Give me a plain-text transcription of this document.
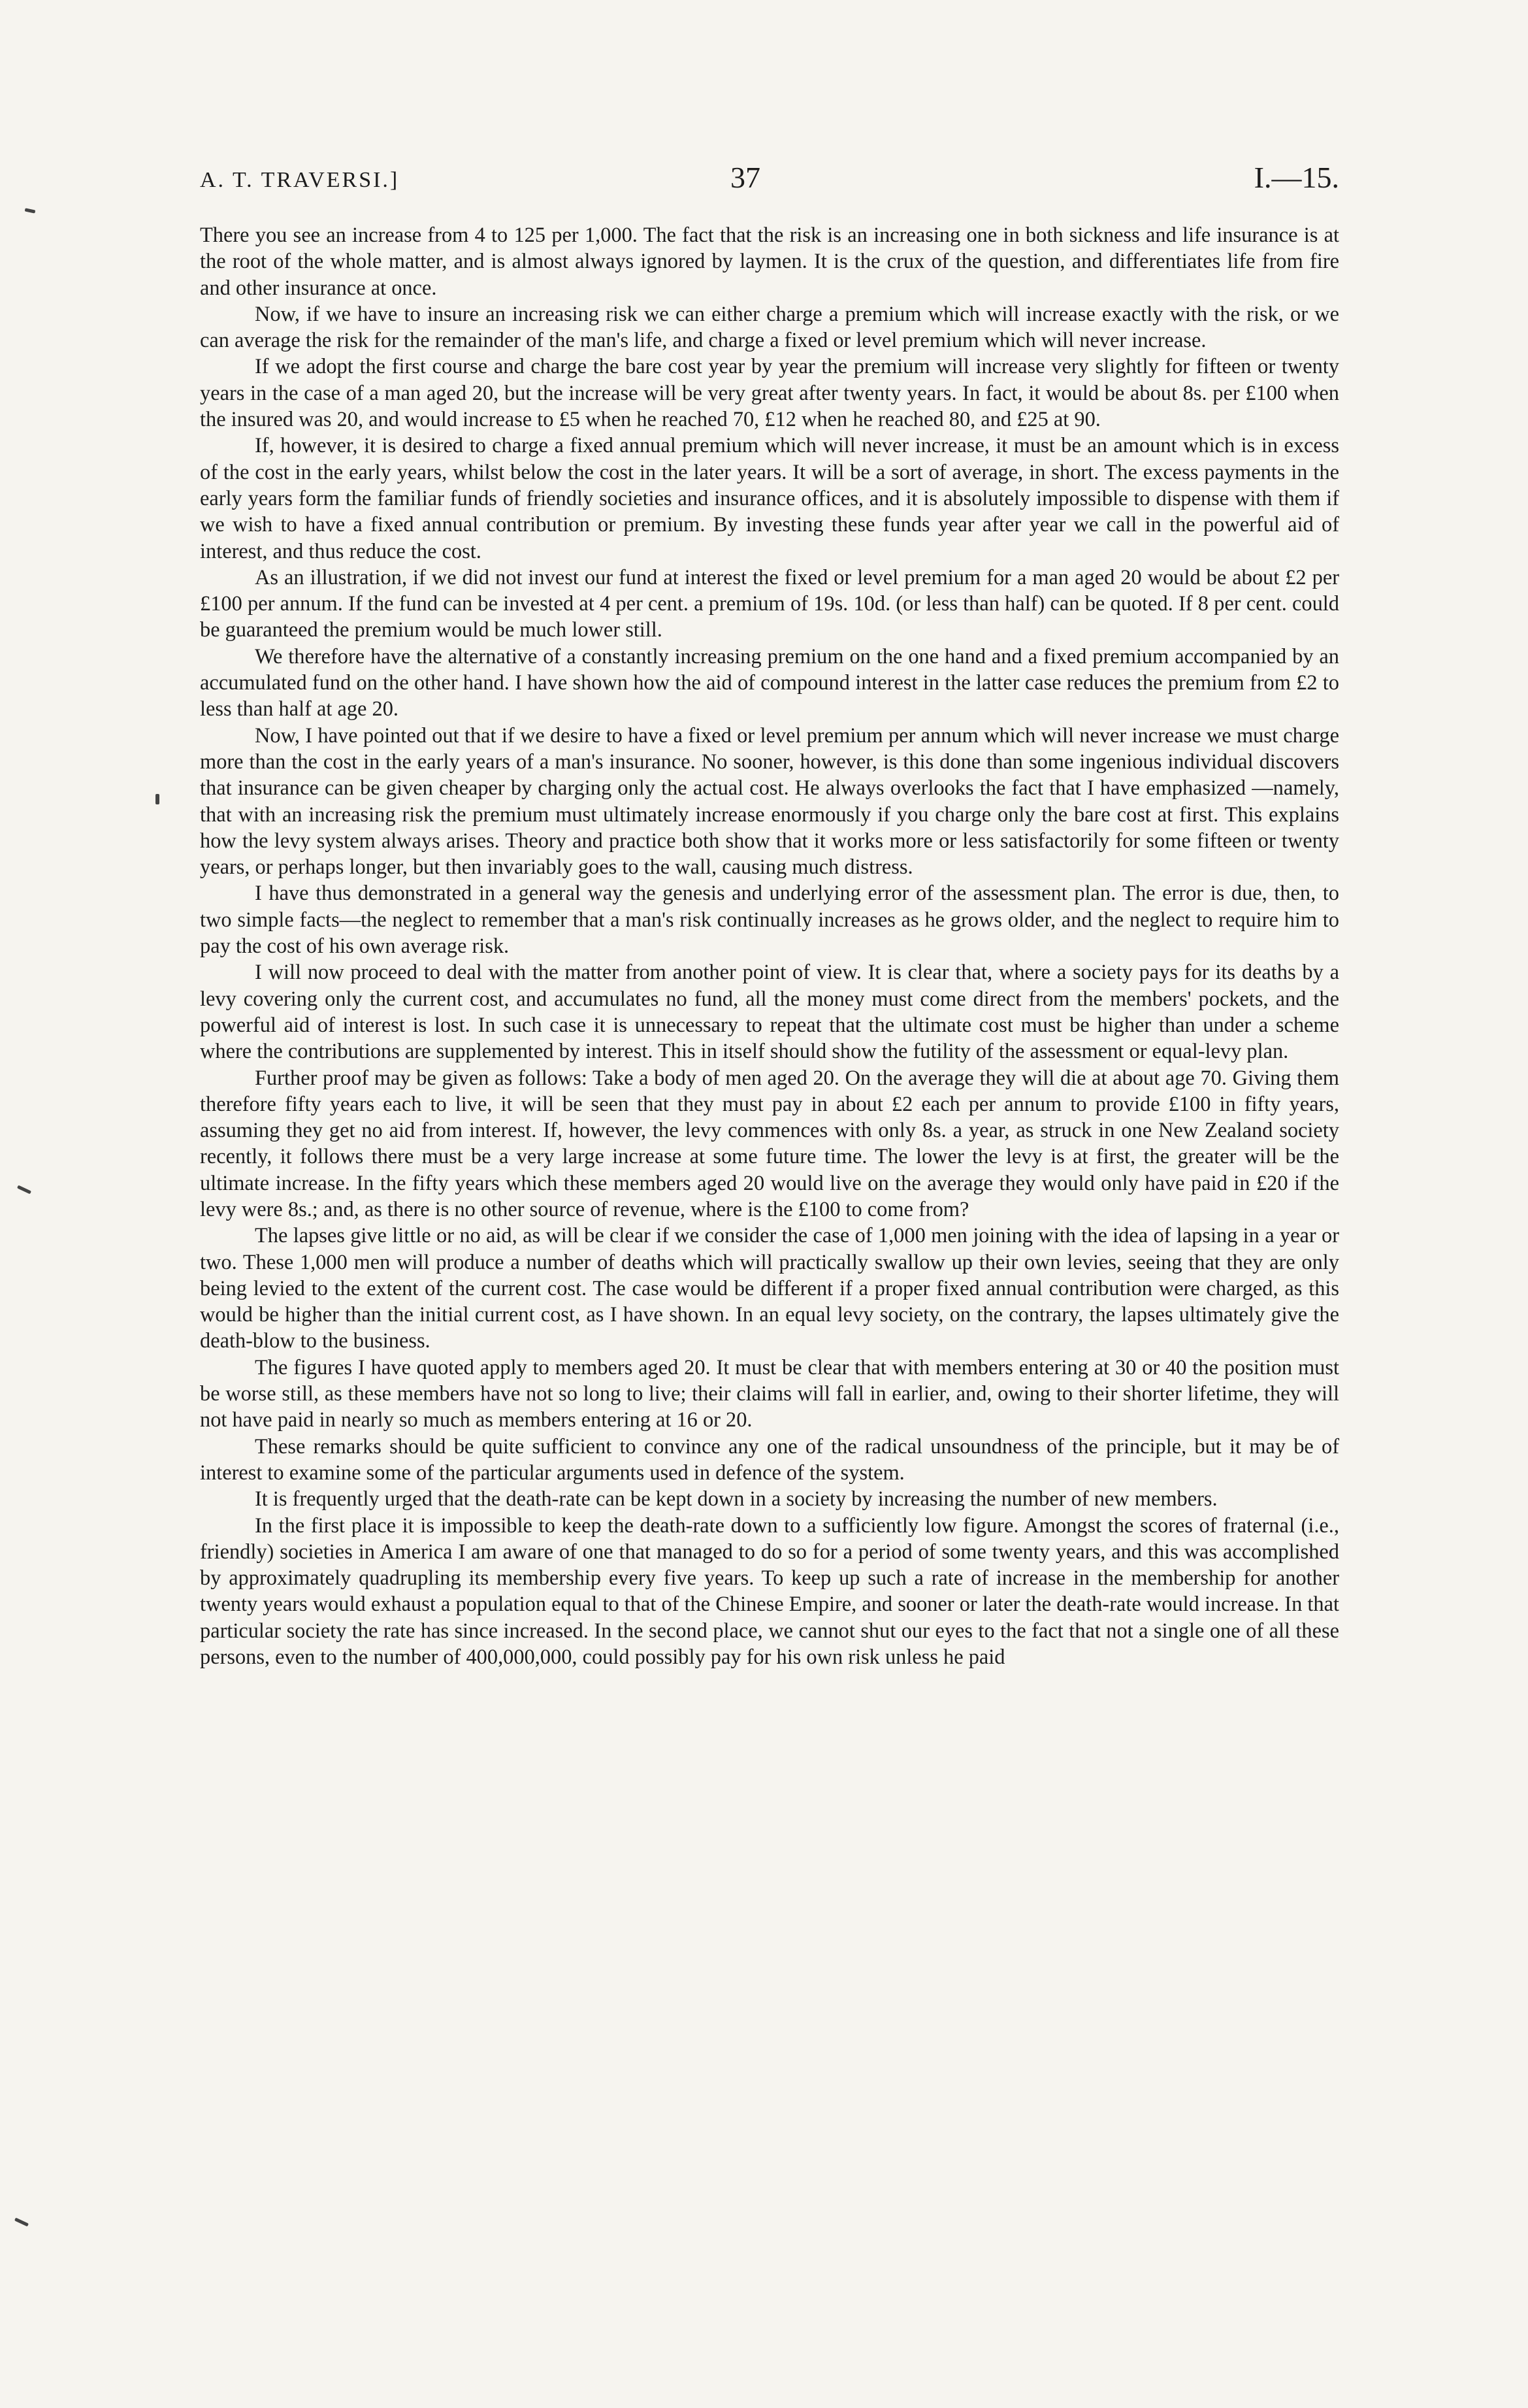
A. T. TRAVERSI.]	37	I.—15.

There you see an increase from 4 to 125 per 1,000. The fact that the risk is an increasing one in both sickness and life insurance is at the root of the whole matter, and is almost always ignored by laymen. It is the crux of the question, and differentiates life from fire and other insurance at once.

Now, if we have to insure an increasing risk we can either charge a premium which will increase exactly with the risk, or we can average the risk for the remainder of the man's life, and charge a fixed or level premium which will never increase.

If we adopt the first course and charge the bare cost year by year the premium will increase very slightly for fifteen or twenty years in the case of a man aged 20, but the increase will be very great after twenty years. In fact, it would be about 8s. per £100 when the insured was 20, and would increase to £5 when he reached 70, £12 when he reached 80, and £25 at 90.

If, however, it is desired to charge a fixed annual premium which will never increase, it must be an amount which is in excess of the cost in the early years, whilst below the cost in the later years. It will be a sort of average, in short. The excess payments in the early years form the familiar funds of friendly societies and insurance offices, and it is absolutely impossible to dispense with them if we wish to have a fixed annual contribution or premium. By investing these funds year after year we call in the powerful aid of interest, and thus reduce the cost.

As an illustration, if we did not invest our fund at interest the fixed or level premium for a man aged 20 would be about £2 per £100 per annum. If the fund can be invested at 4 per cent. a premium of 19s. 10d. (or less than half) can be quoted. If 8 per cent. could be guaranteed the premium would be much lower still.

We therefore have the alternative of a constantly increasing premium on the one hand and a fixed premium accompanied by an accumulated fund on the other hand. I have shown how the aid of compound interest in the latter case reduces the premium from £2 to less than half at age 20.

Now, I have pointed out that if we desire to have a fixed or level premium per annum which will never increase we must charge more than the cost in the early years of a man's insurance. No sooner, however, is this done than some ingenious individual discovers that insurance can be given cheaper by charging only the actual cost. He always overlooks the fact that I have emphasized —namely, that with an increasing risk the premium must ultimately increase enormously if you charge only the bare cost at first. This explains how the levy system always arises. Theory and practice both show that it works more or less satisfactorily for some fifteen or twenty years, or perhaps longer, but then invariably goes to the wall, causing much distress.

I have thus demonstrated in a general way the genesis and underlying error of the assessment plan. The error is due, then, to two simple facts—the neglect to remember that a man's risk continually increases as he grows older, and the neglect to require him to pay the cost of his own average risk.

I will now proceed to deal with the matter from another point of view. It is clear that, where a society pays for its deaths by a levy covering only the current cost, and accumulates no fund, all the money must come direct from the members' pockets, and the powerful aid of interest is lost. In such case it is unnecessary to repeat that the ultimate cost must be higher than under a scheme where the contributions are supplemented by interest. This in itself should show the futility of the assessment or equal-levy plan.

Further proof may be given as follows: Take a body of men aged 20. On the average they will die at about age 70. Giving them therefore fifty years each to live, it will be seen that they must pay in about £2 each per annum to provide £100 in fifty years, assuming they get no aid from interest. If, however, the levy commences with only 8s. a year, as struck in one New Zealand society recently, it follows there must be a very large increase at some future time. The lower the levy is at first, the greater will be the ultimate increase. In the fifty years which these members aged 20 would live on the average they would only have paid in £20 if the levy were 8s.; and, as there is no other source of revenue, where is the £100 to come from?

The lapses give little or no aid, as will be clear if we consider the case of 1,000 men joining with the idea of lapsing in a year or two. These 1,000 men will produce a number of deaths which will practically swallow up their own levies, seeing that they are only being levied to the extent of the current cost. The case would be different if a proper fixed annual contribution were charged, as this would be higher than the initial current cost, as I have shown. In an equal levy society, on the contrary, the lapses ultimately give the death-blow to the business.

The figures I have quoted apply to members aged 20. It must be clear that with members entering at 30 or 40 the position must be worse still, as these members have not so long to live; their claims will fall in earlier, and, owing to their shorter lifetime, they will not have paid in nearly so much as members entering at 16 or 20.

These remarks should be quite sufficient to convince any one of the radical unsoundness of the principle, but it may be of interest to examine some of the particular arguments used in defence of the system.

It is frequently urged that the death-rate can be kept down in a society by increasing the number of new members.

In the first place it is impossible to keep the death-rate down to a sufficiently low figure. Amongst the scores of fraternal (i.e., friendly) societies in America I am aware of one that managed to do so for a period of some twenty years, and this was accomplished by approximately quadrupling its membership every five years. To keep up such a rate of increase in the membership for another twenty years would exhaust a population equal to that of the Chinese Empire, and sooner or later the death-rate would increase. In that particular society the rate has since increased. In the second place, we cannot shut our eyes to the fact that not a single one of all these persons, even to the number of 400,000,000, could possibly pay for his own risk unless he paid
